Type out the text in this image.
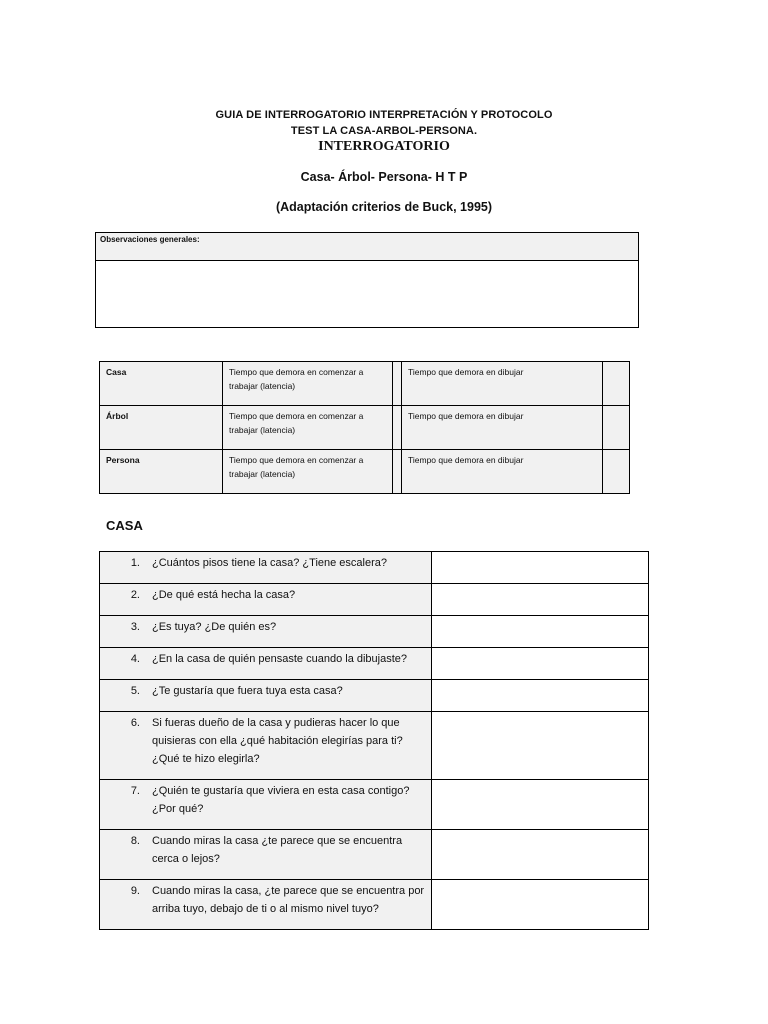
GUIA DE INTERROGATORIO INTERPRETACIÓN Y PROTOCOLO
TEST LA CASA-ARBOL-PERSONA.
INTERROGATORIO
Casa- Árbol- Persona- H T P
(Adaptación criterios de Buck, 1995)
Observaciones generales:
Casa	Tiempo que demora en comenzar a trabajar (latencia)		Tiempo que demora en dibujar	
Árbol	Tiempo que demora en comenzar a trabajar (latencia)		Tiempo que demora en dibujar	
Persona	Tiempo que demora en comenzar a trabajar (latencia)		Tiempo que demora en dibujar	
CASA
1. ¿Cuántos pisos tiene la casa? ¿Tiene escalera?	

2. ¿De qué está hecha la casa?	

3. ¿Es tuya? ¿De quién es?	

4. ¿En la casa de quién pensaste cuando la dibujaste?	

5. ¿Te gustaría que fuera tuya esta casa?	

6. Si fueras dueño de la casa y pudieras hacer lo que quisieras con ella ¿qué habitación elegirías para ti? ¿Qué te hizo elegirla?	

7. ¿Quién te gustaría que viviera en esta casa contigo? ¿Por qué?	

8. Cuando miras la casa ¿te parece que se encuentra cerca o lejos?	

9. Cuando miras la casa, ¿te parece que se encuentra por arriba tuyo, debajo de ti o al mismo nivel tuyo?	
